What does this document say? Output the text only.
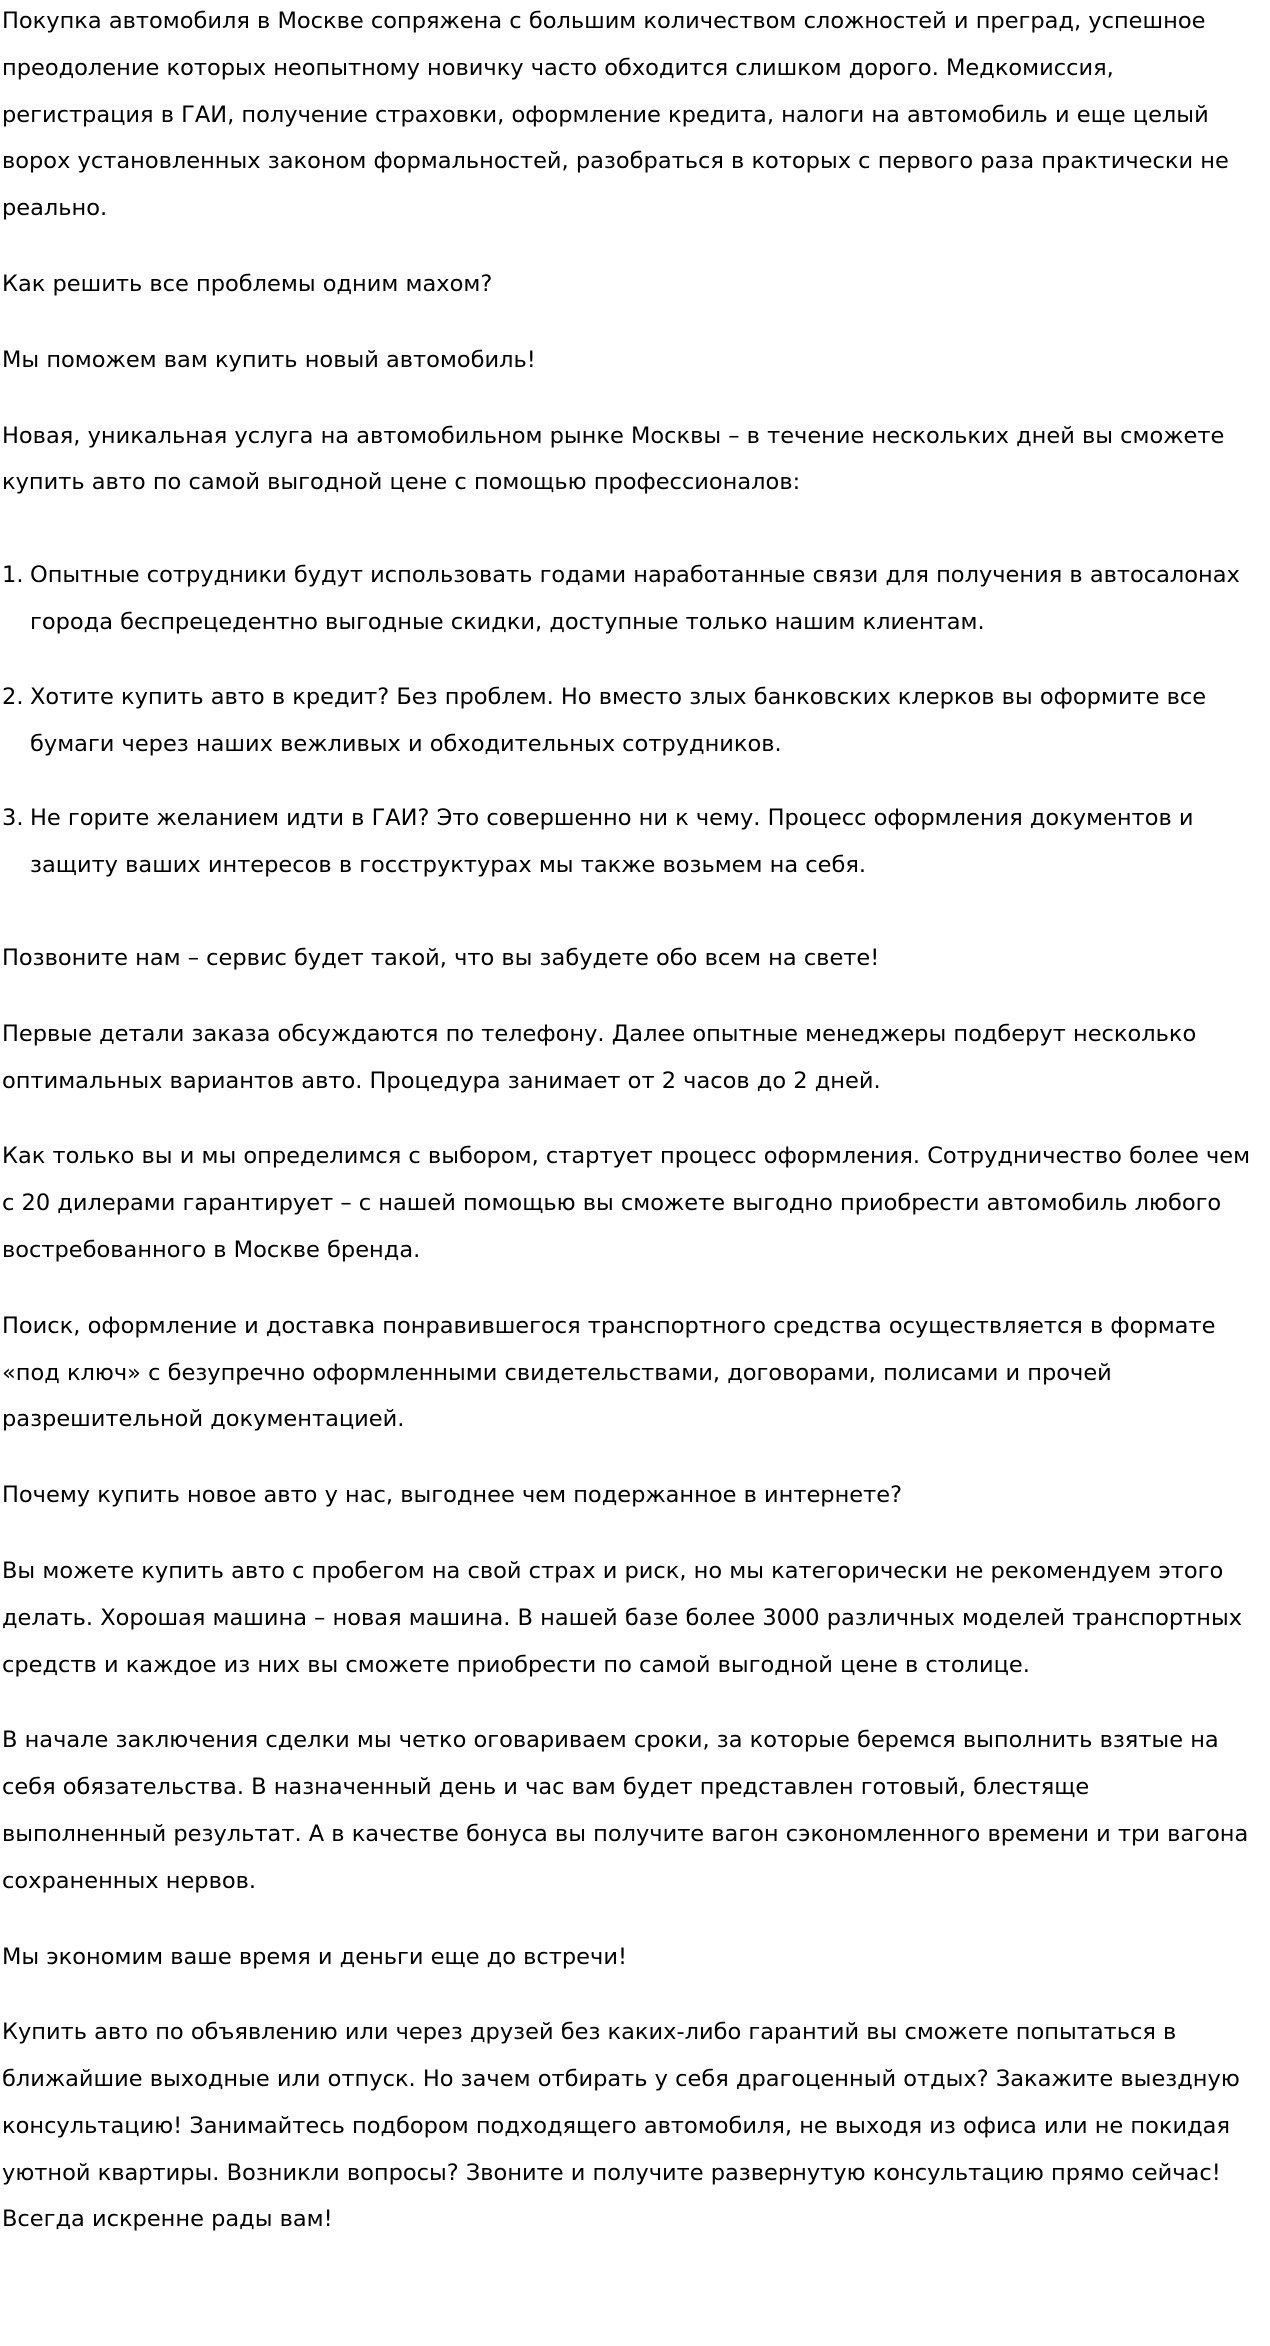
Покупка автомобиля в Москве сопряжена с большим количеством сложностей и преград, успешное преодоление которых неопытному новичку часто обходится слишком дорого. Медкомиссия, регистрация в ГАИ, получение страховки, оформление кредита, налоги на автомобиль и еще целый ворох установленных законом формальностей, разобраться в которых с первого раза практически не реально.

Как решить все проблемы одним махом?

Мы поможем вам купить новый автомобиль!

Новая, уникальная услуга на автомобильном рынке Москвы – в течение нескольких дней вы сможете купить авто по самой выгодной цене с помощью профессионалов:

1. Опытные сотрудники будут использовать годами наработанные связи для получения в автосалонах города беспрецедентно выгодные скидки, доступные только нашим клиентам.
2. Хотите купить авто в кредит? Без проблем. Но вместо злых банковских клерков вы оформите все бумаги через наших вежливых и обходительных сотрудников.
3. Не горите желанием идти в ГАИ? Это совершенно ни к чему. Процесс оформления документов и защиту ваших интересов в госструктурах мы также возьмем на себя.

Позвоните нам – сервис будет такой, что вы забудете обо всем на свете!

Первые детали заказа обсуждаются по телефону. Далее опытные менеджеры подберут несколько оптимальных вариантов авто. Процедура занимает от 2 часов до 2 дней.

Как только вы и мы определимся с выбором, стартует процесс оформления. Сотрудничество более чем с 20 дилерами гарантирует – с нашей помощью вы сможете выгодно приобрести автомобиль любого востребованного в Москве бренда.

Поиск, оформление и доставка понравившегося транспортного средства осуществляется в формате «под ключ» с безупречно оформленными свидетельствами, договорами, полисами и прочей разрешительной документацией.

Почему купить новое авто у нас, выгоднее чем подержанное в интернете?

Вы можете купить авто с пробегом на свой страх и риск, но мы категорически не рекомендуем этого делать. Хорошая машина – новая машина. В нашей базе более 3000 различных моделей транспортных средств и каждое из них вы сможете приобрести по самой выгодной цене в столице.

В начале заключения сделки мы четко оговариваем сроки, за которые беремся выполнить взятые на себя обязательства. В назначенный день и час вам будет представлен готовый, блестяще выполненный результат. А в качестве бонуса вы получите вагон сэкономленного времени и три вагона сохраненных нервов.

Мы экономим ваше время и деньги еще до встречи!

Купить авто по объявлению или через друзей без каких-либо гарантий вы сможете попытаться в ближайшие выходные или отпуск. Но зачем отбирать у себя драгоценный отдых? Закажите выездную консультацию! Занимайтесь подбором подходящего автомобиля, не выходя из офиса или не покидая уютной квартиры. Возникли вопросы? Звоните и получите развернутую консультацию прямо сейчас! Всегда искренне рады вам!
